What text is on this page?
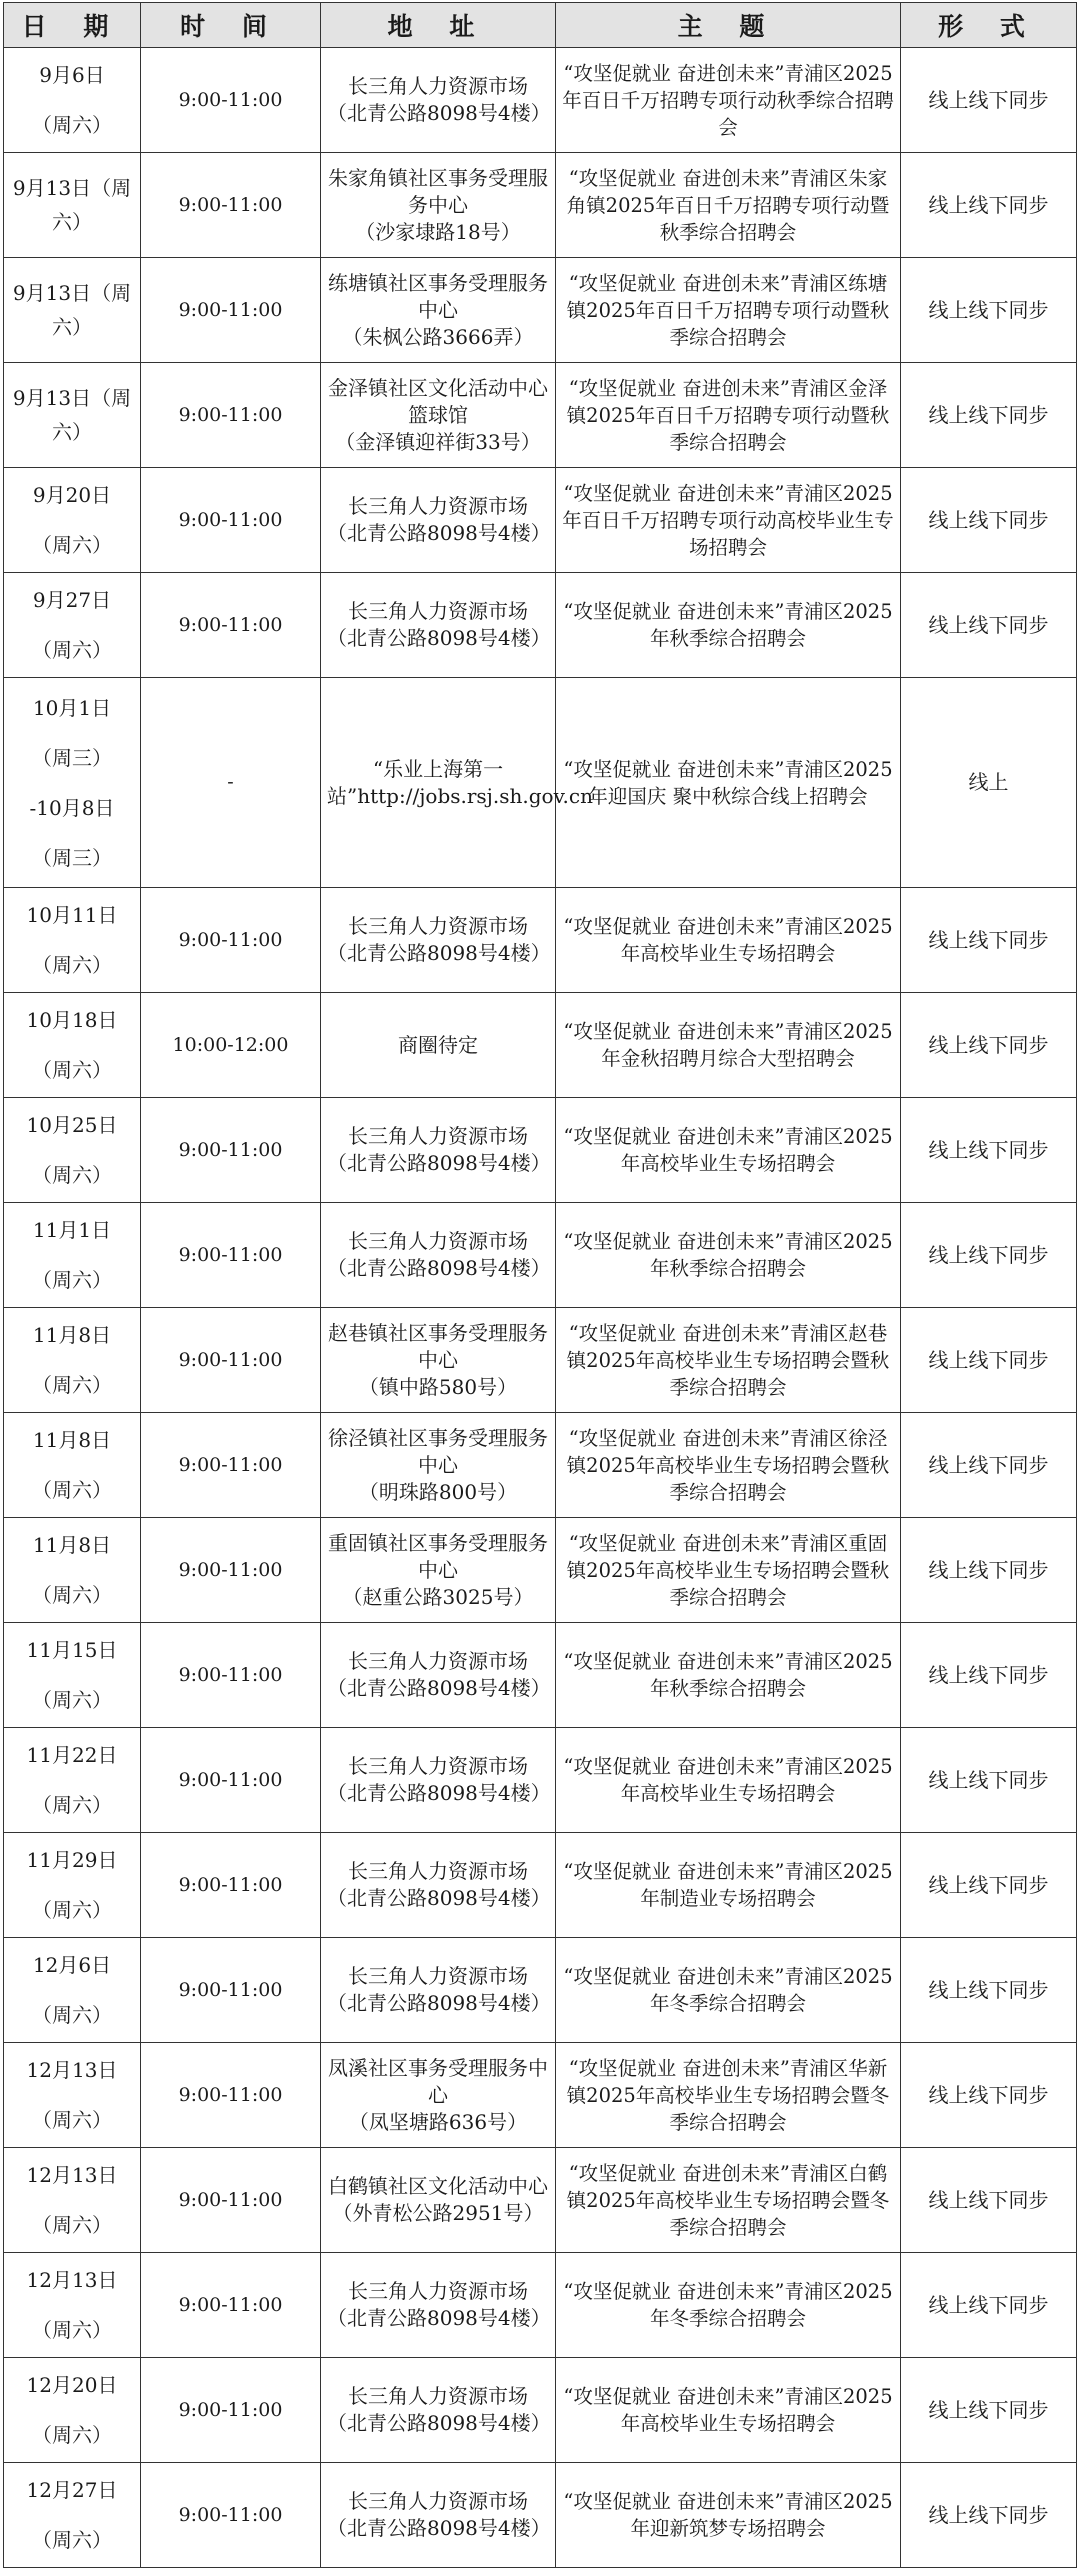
日 期	时 间	地 址	主 题	形 式

9月6日
（周六）	9:00-11:00	长三角人力资源市场
（北青公路8098号4楼）	“攻坚促就业 奋进创未来”青浦区2025年百日千万招聘专项行动秋季综合招聘会	线上线下同步

9月13日（周六）	9:00-11:00	朱家角镇社区事务受理服务中心
（沙家埭路18号）	“攻坚促就业 奋进创未来”青浦区朱家角镇2025年百日千万招聘专项行动暨秋季综合招聘会	线上线下同步

9月13日（周六）	9:00-11:00	练塘镇社区事务受理服务中心
（朱枫公路3666弄）	“攻坚促就业 奋进创未来”青浦区练塘镇2025年百日千万招聘专项行动暨秋季综合招聘会	线上线下同步

9月13日（周六）	9:00-11:00	金泽镇社区文化活动中心篮球馆
（金泽镇迎祥街33号）	“攻坚促就业 奋进创未来”青浦区金泽镇2025年百日千万招聘专项行动暨秋季综合招聘会	线上线下同步

9月20日
（周六）	9:00-11:00	长三角人力资源市场
（北青公路8098号4楼）	“攻坚促就业 奋进创未来”青浦区2025年百日千万招聘专项行动高校毕业生专场招聘会	线上线下同步

9月27日
（周六）	9:00-11:00	长三角人力资源市场
（北青公路8098号4楼）	“攻坚促就业 奋进创未来”青浦区2025年秋季综合招聘会	线上线下同步

10月1日
（周三）
-10月8日
（周三）	-	“乐业上海第一站”http://jobs.rsj.sh.gov.cn	“攻坚促就业 奋进创未来”青浦区2025年迎国庆 聚中秋综合线上招聘会	线上

10月11日
（周六）	9:00-11:00	长三角人力资源市场
（北青公路8098号4楼）	“攻坚促就业 奋进创未来”青浦区2025年高校毕业生专场招聘会	线上线下同步

10月18日
（周六）	10:00-12:00	商圈待定	“攻坚促就业 奋进创未来”青浦区2025年金秋招聘月综合大型招聘会	线上线下同步

10月25日
（周六）	9:00-11:00	长三角人力资源市场
（北青公路8098号4楼）	“攻坚促就业 奋进创未来”青浦区2025年高校毕业生专场招聘会	线上线下同步

11月1日
（周六）	9:00-11:00	长三角人力资源市场
（北青公路8098号4楼）	“攻坚促就业 奋进创未来”青浦区2025年秋季综合招聘会	线上线下同步

11月8日
（周六）	9:00-11:00	赵巷镇社区事务受理服务中心
（镇中路580号）	“攻坚促就业 奋进创未来”青浦区赵巷镇2025年高校毕业生专场招聘会暨秋季综合招聘会	线上线下同步

11月8日
（周六）	9:00-11:00	徐泾镇社区事务受理服务中心
（明珠路800号）	“攻坚促就业 奋进创未来”青浦区徐泾镇2025年高校毕业生专场招聘会暨秋季综合招聘会	线上线下同步

11月8日
（周六）	9:00-11:00	重固镇社区事务受理服务中心
（赵重公路3025号）	“攻坚促就业 奋进创未来”青浦区重固镇2025年高校毕业生专场招聘会暨秋季综合招聘会	线上线下同步

11月15日
（周六）	9:00-11:00	长三角人力资源市场
（北青公路8098号4楼）	“攻坚促就业 奋进创未来”青浦区2025年秋季综合招聘会	线上线下同步

11月22日
（周六）	9:00-11:00	长三角人力资源市场
（北青公路8098号4楼）	“攻坚促就业 奋进创未来”青浦区2025年高校毕业生专场招聘会	线上线下同步

11月29日
（周六）	9:00-11:00	长三角人力资源市场
（北青公路8098号4楼）	“攻坚促就业 奋进创未来”青浦区2025年制造业专场招聘会	线上线下同步

12月6日
（周六）	9:00-11:00	长三角人力资源市场
（北青公路8098号4楼）	“攻坚促就业 奋进创未来”青浦区2025年冬季综合招聘会	线上线下同步

12月13日
（周六）	9:00-11:00	凤溪社区事务受理服务中心
（凤坚塘路636号）	“攻坚促就业 奋进创未来”青浦区华新镇2025年高校毕业生专场招聘会暨冬季综合招聘会	线上线下同步

12月13日
（周六）	9:00-11:00	白鹤镇社区文化活动中心
（外青松公路2951号）	“攻坚促就业 奋进创未来”青浦区白鹤镇2025年高校毕业生专场招聘会暨冬季综合招聘会	线上线下同步

12月13日
（周六）	9:00-11:00	长三角人力资源市场
（北青公路8098号4楼）	“攻坚促就业 奋进创未来”青浦区2025年冬季综合招聘会	线上线下同步

12月20日
（周六）	9:00-11:00	长三角人力资源市场
（北青公路8098号4楼）	“攻坚促就业 奋进创未来”青浦区2025年高校毕业生专场招聘会	线上线下同步

12月27日
（周六）	9:00-11:00	长三角人力资源市场
（北青公路8098号4楼）	“攻坚促就业 奋进创未来”青浦区2025年迎新筑梦专场招聘会	线上线下同步
